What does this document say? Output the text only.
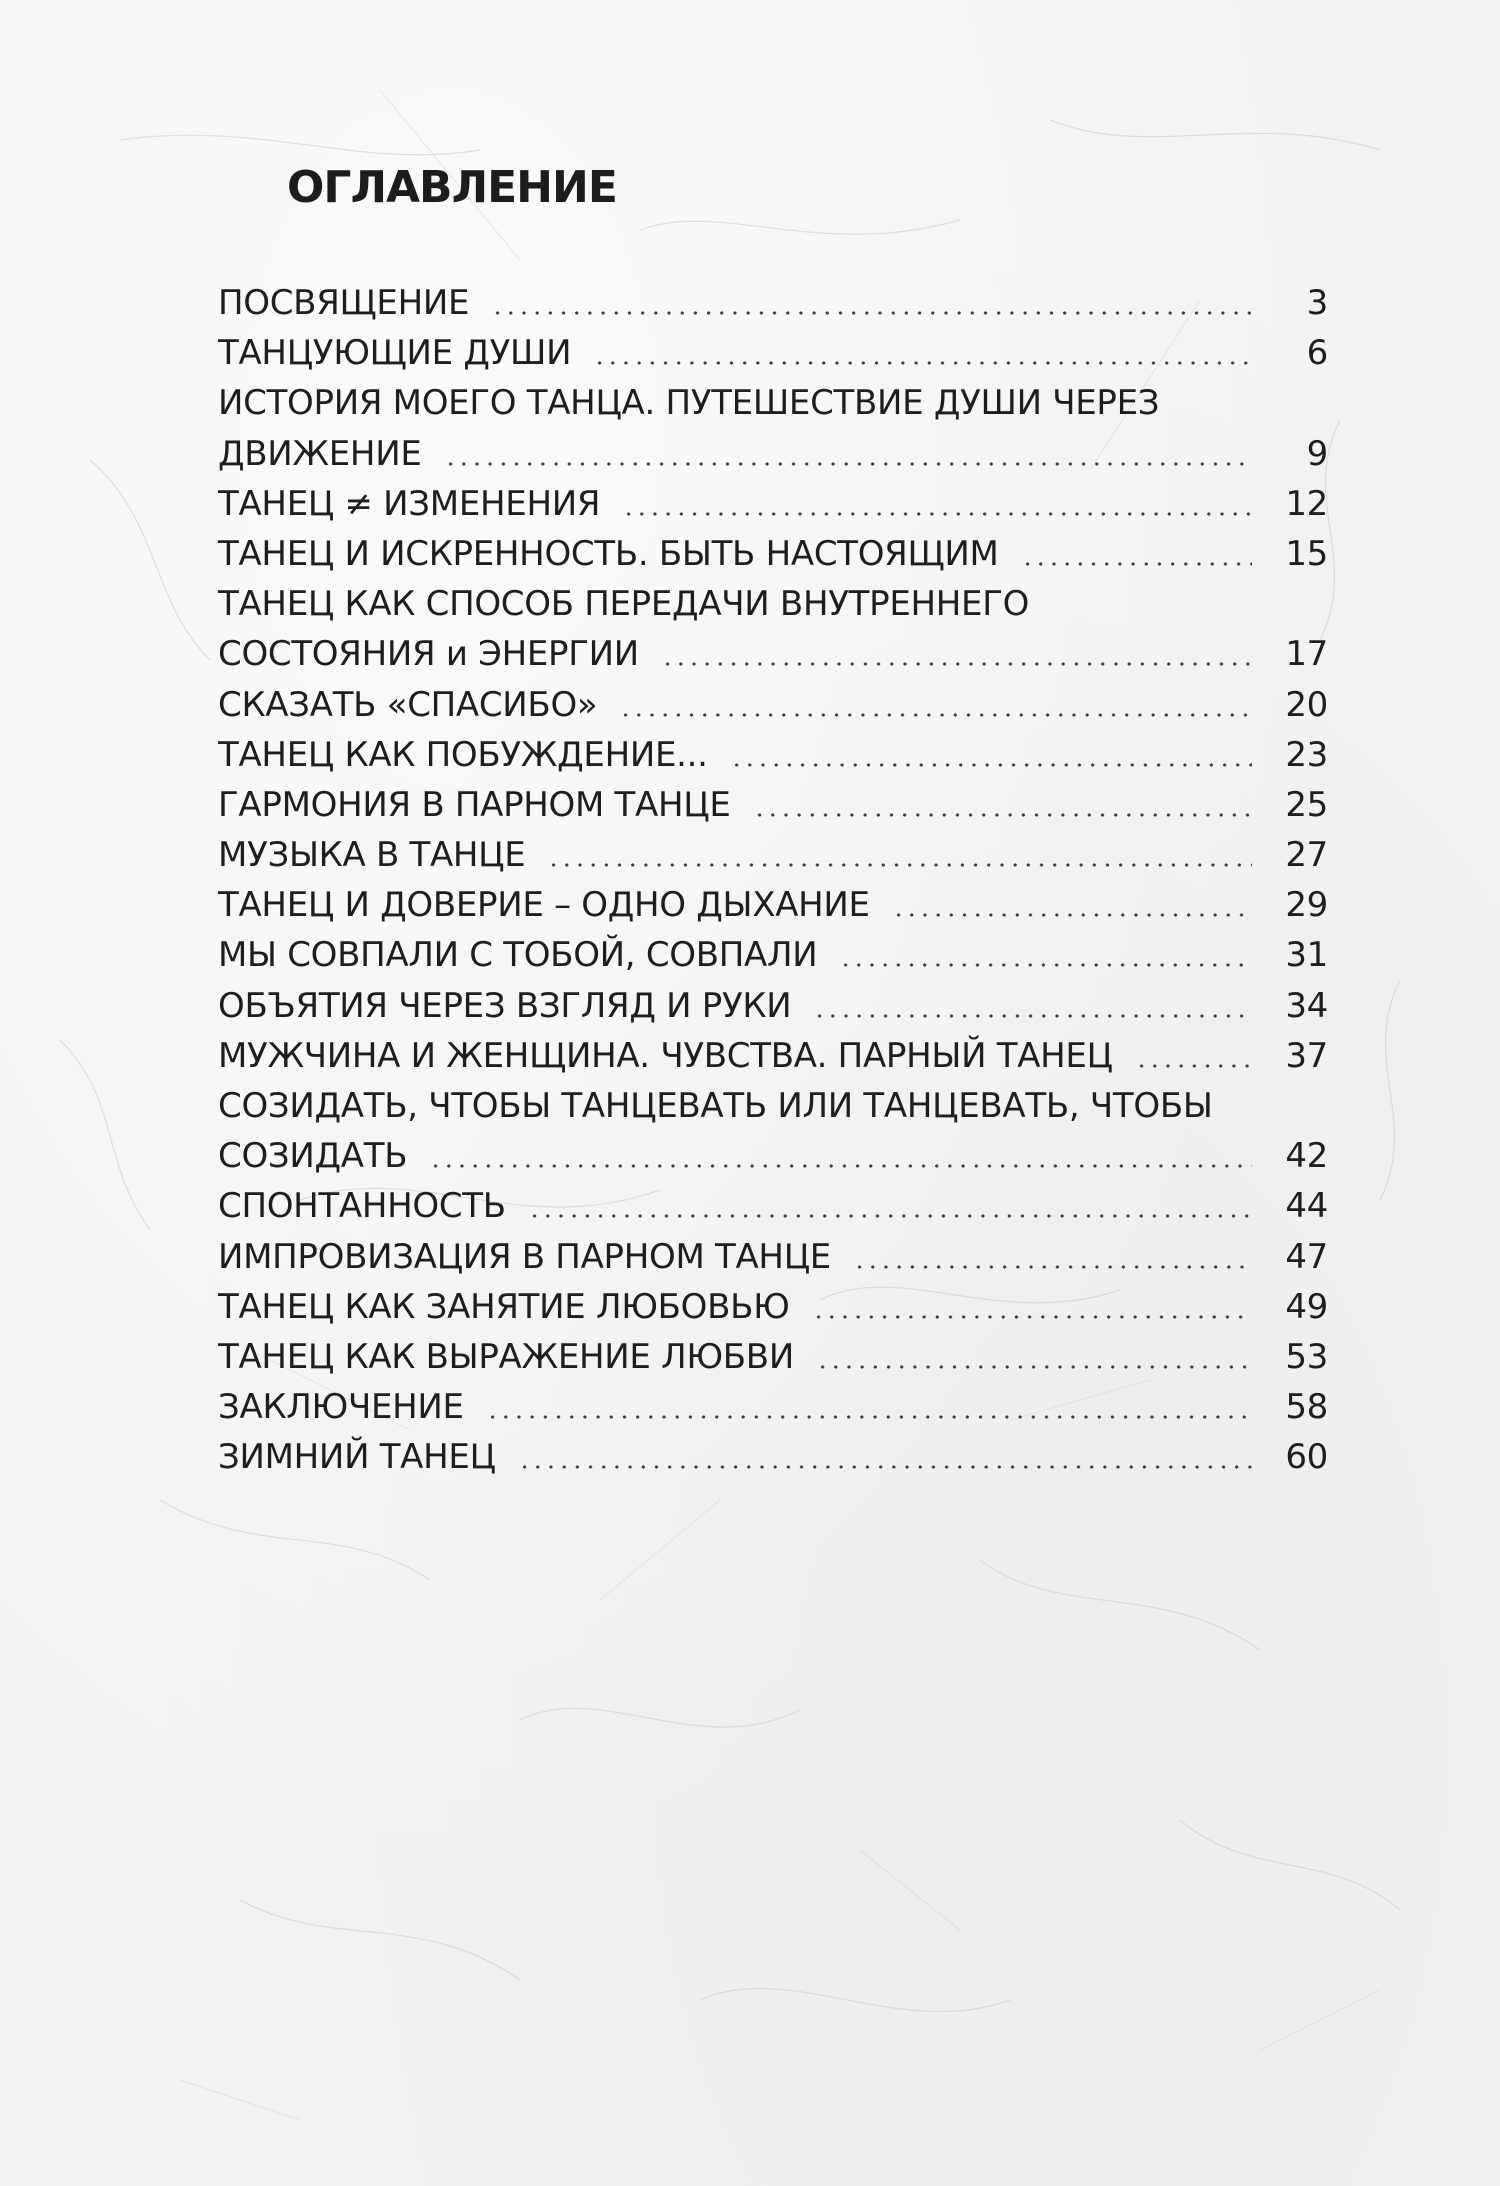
ОГЛАВЛЕНИЕ
ПОСВЯЩЕНИЕ	3
ТАНЦУЮЩИЕ ДУШИ	6
ИСТОРИЯ МОЕГО ТАНЦА. ПУТЕШЕСТВИЕ ДУШИ ЧЕРЕЗ
ДВИЖЕНИЕ	9
ТАНЕЦ ≠ ИЗМЕНЕНИЯ	12
ТАНЕЦ И ИСКРЕННОСТЬ. БЫТЬ НАСТОЯЩИМ	15
ТАНЕЦ КАК СПОСОБ ПЕРЕДАЧИ ВНУТРЕННЕГО
СОСТОЯНИЯ и ЭНЕРГИИ	17
СКАЗАТЬ «СПАСИБО»	20
ТАНЕЦ КАК ПОБУЖДЕНИЕ...	23
ГАРМОНИЯ В ПАРНОМ ТАНЦЕ	25
МУЗЫКА В ТАНЦЕ	27
ТАНЕЦ И ДОВЕРИЕ – ОДНО ДЫХАНИЕ	29
МЫ СОВПАЛИ С ТОБОЙ, СОВПАЛИ	31
ОБЪЯТИЯ ЧЕРЕЗ ВЗГЛЯД И РУКИ	34
МУЖЧИНА И ЖЕНЩИНА. ЧУВСТВА. ПАРНЫЙ ТАНЕЦ	37
СОЗИДАТЬ, ЧТОБЫ ТАНЦЕВАТЬ ИЛИ ТАНЦЕВАТЬ, ЧТОБЫ
СОЗИДАТЬ	42
СПОНТАННОСТЬ	44
ИМПРОВИЗАЦИЯ В ПАРНОМ ТАНЦЕ	47
ТАНЕЦ КАК ЗАНЯТИЕ ЛЮБОВЬЮ	49
ТАНЕЦ КАК ВЫРАЖЕНИЕ ЛЮБВИ	53
ЗАКЛЮЧЕНИЕ	58
ЗИМНИЙ ТАНЕЦ	60
